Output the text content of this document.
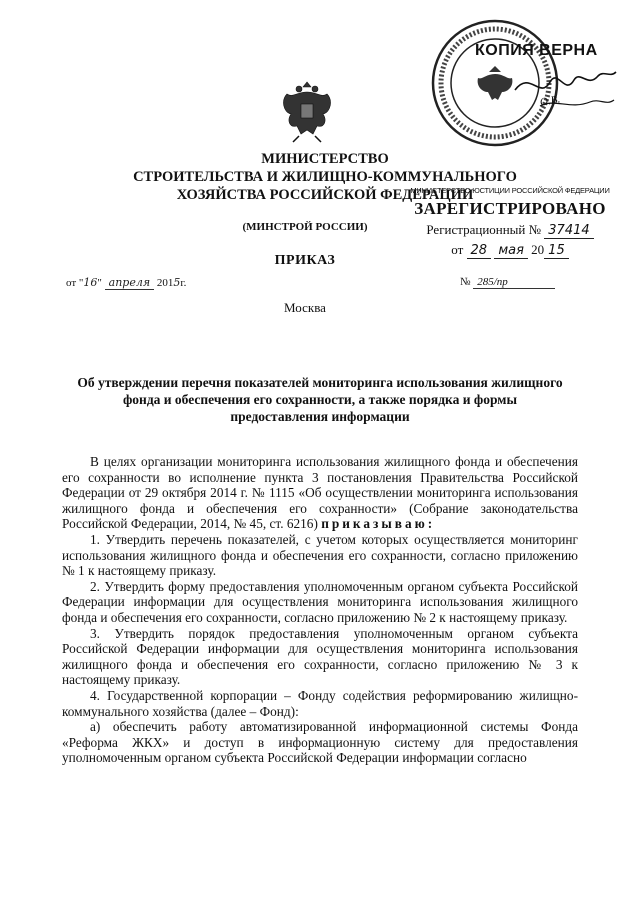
МИНИСТЕРСТВО
СТРОИТЕЛЬСТВА И ЖИЛИЩНО-КОММУНАЛЬНОГО
ХОЗЯЙСТВА РОССИЙСКОЙ ФЕДЕРАЦИИ
(МИНСТРОЙ РОССИИ)
ПРИКАЗ
от "16" апреля 2015г.	№ 285/пр
Москва
КОПИЯ ВЕРНА
О.В.
МИНИСТЕРСТВО ЮСТИЦИИ РОССИЙСКОЙ ФЕДЕРАЦИИ
ЗАРЕГИСТРИРОВАНО
Регистрационный № 37414
от 28 мая 20 15
Об утверждении перечня показателей мониторинга использования жилищного
фонда и обеспечения его сохранности, а также порядка и формы
предоставления информации

В целях организации мониторинга использования жилищного фонда и обеспечения его сохранности во исполнение пункта 3 постановления Правительства Российской Федерации от 29 октября 2014 г. № 1115 «Об осуществлении мониторинга использования жилищного фонда и обеспечения его сохранности» (Собрание законодательства Российской Федерации, 2014, № 45, ст. 6216) приказываю:

1. Утвердить перечень показателей, с учетом которых осуществляется мониторинг использования жилищного фонда и обеспечения его сохранности, согласно приложению № 1 к настоящему приказу.

2. Утвердить форму предоставления уполномоченным органом субъекта Российской Федерации информации для осуществления мониторинга использования жилищного фонда и обеспечения его сохранности, согласно приложению № 2 к настоящему приказу.

3. Утвердить порядок предоставления уполномоченным органом субъекта Российской Федерации информации для осуществления мониторинга использования жилищного фонда и обеспечения его сохранности, согласно приложению № 3 к настоящему приказу.

4. Государственной корпорации – Фонду содействия реформированию жилищно-коммунального хозяйства (далее – Фонд):

а) обеспечить работу автоматизированной информационной системы Фонда «Реформа ЖКХ» и доступ в информационную систему для предоставления уполномоченным органом субъекта Российской Федерации информации согласно
